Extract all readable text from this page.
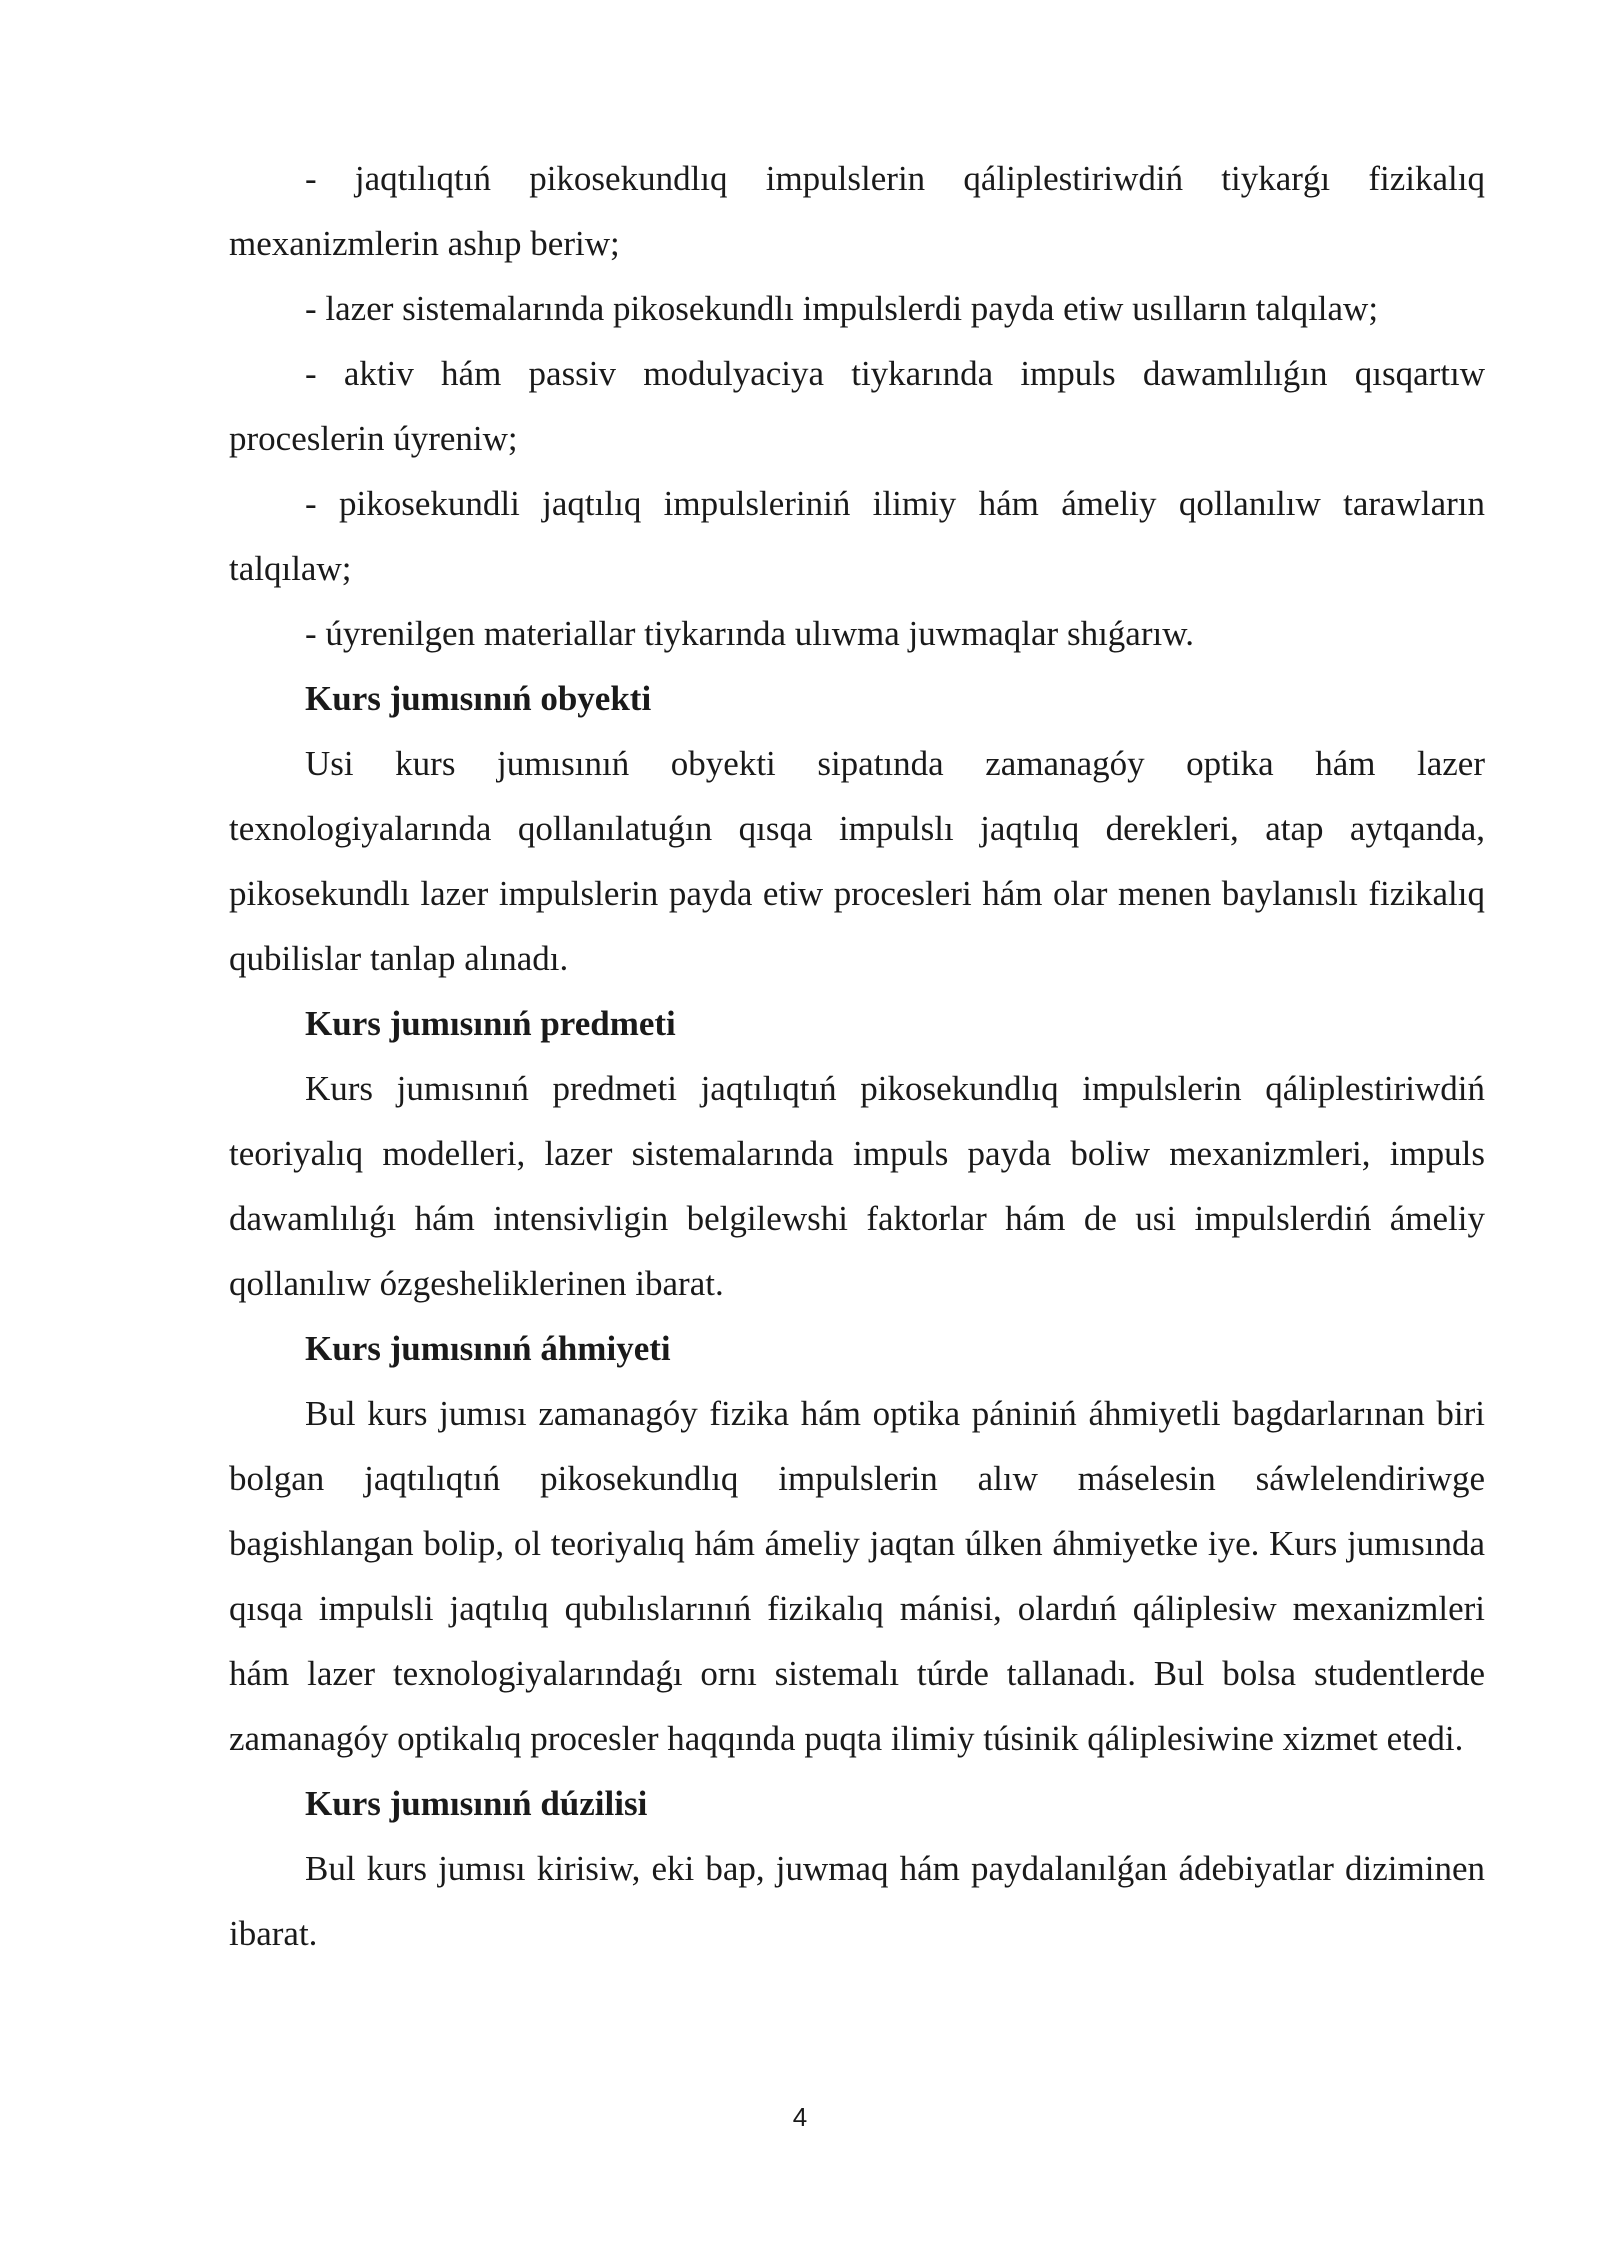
- jaqtılıqtıń pikosekundlıq impulslerin qáliplestiriwdiń tiykarǵı fizikalıq mexanizmlerin ashıp beriw;

- lazer sistemalarında pikosekundlı impulslerdi payda etiw usılların talqılaw;

- aktiv hám passiv modulyaciya tiykarında impuls dawamlılıǵın qısqartıw proceslerin úyreniw;

- pikosekundli jaqtılıq impulsleriniń ilimiy hám ámeliy qollanılıw tarawların talqılaw;

- úyrenilgen materiallar tiykarında ulıwma juwmaqlar shıǵarıw.

Kurs jumısınıń obyekti

Usi kurs jumısınıń obyekti sipatında zamanagóy optika hám lazer texnologiyalarında qollanılatuǵın qısqa impulslı jaqtılıq derekleri, atap aytqanda, pikosekundlı lazer impulslerin payda etiw procesleri hám olar menen baylanıslı fizikalıq qubilislar tanlap alınadı.

Kurs jumısınıń predmeti

Kurs jumısınıń predmeti jaqtılıqtıń pikosekundlıq impulslerin qáliplestiriwdiń teoriyalıq modelleri, lazer sistemalarında impuls payda boliw mexanizmleri, impuls dawamlılıǵı hám intensivligin belgilewshi faktorlar hám de usi impulslerdiń ámeliy qollanılıw ózgesheliklerinen ibarat.

Kurs jumısınıń áhmiyeti

Bul kurs jumısı zamanagóy fizika hám optika pániniń áhmiyetli bagdarlarınan biri bolgan jaqtılıqtıń pikosekundlıq impulslerin alıw máselesin sáwlelendiriwge bagishlangan bolip, ol teoriyalıq hám ámeliy jaqtan úlken áhmiyetke iye. Kurs jumısında qısqa impulsli jaqtılıq qubılıslarınıń fizikalıq mánisi, olardıń qáliplesiw mexanizmleri hám lazer texnologiyalarındaǵı ornı sistemalı túrde tallanadı. Bul bolsa studentlerde zamanagóy optikalıq procesler haqqında puqta ilimiy túsinik qáliplesiwine xizmet etedi.

Kurs jumısınıń dúzilisi

Bul kurs jumısı kirisiw, eki bap, juwmaq hám paydalanılǵan ádebiyatlar diziminen ibarat.

4
